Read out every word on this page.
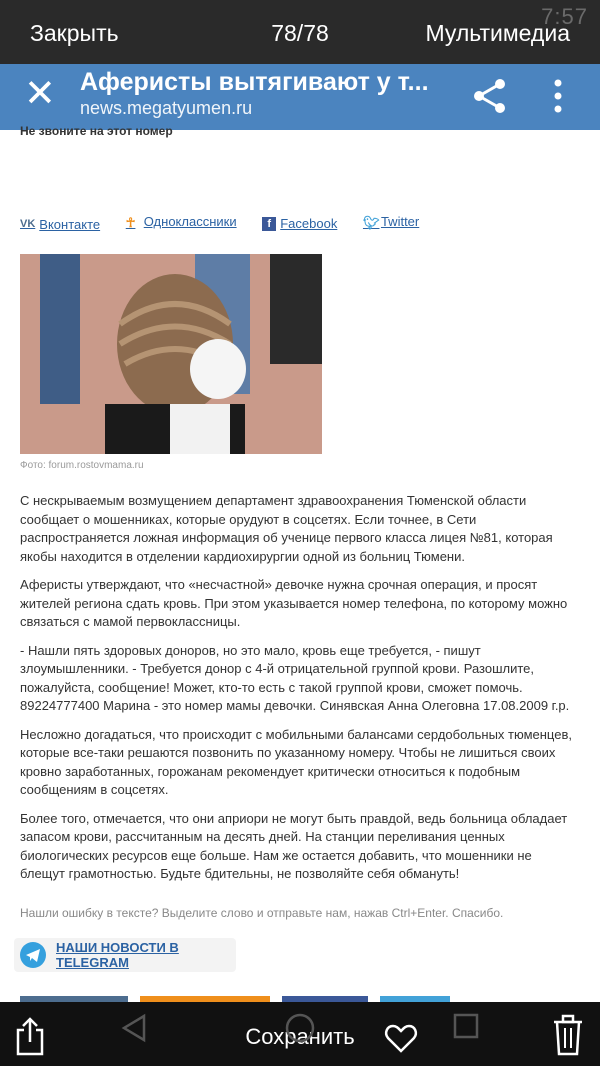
Закрыть	78/78
7:57
Мультимедиа
✕ Аферисты вытягивают у т...
news.megatyumen.ru
Не звоните на этот номер
VK Вконтакте
☥ Одноклассники
	f Facebook
🐦︎ Twitter
Фото: forum.rostovmama.ru

С нескрываемым возмущением департамент здравоохранения Тюменской области сообщает о мошенниках, которые орудуют в соцсетях. Если точнее, в Сети распространяется ложная информация об ученице первого класса лицея №81, которая якобы находится в отделении кардиохирургии одной из больниц Тюмени.

Аферисты утверждают, что «несчастной» девочке нужна срочная операция, и просят жителей региона сдать кровь. При этом указывается номер телефона, по которому можно связаться с мамой первоклассницы.

- Нашли пять здоровых доноров, но это мало, кровь еще требуется, - пишут злоумышленники. - Требуется донор с 4-й отрицательной группой крови. Разошлите, пожалуйста, сообщение! Может, кто-то есть с такой группой крови, сможет помочь. 89224777400 Марина - это номер мамы девочки. Синявская Анна Олеговна 17.08.2009 г.р.

Несложно догадаться, что происходит с мобильными балансами сердобольных тюменцев, которые все-таки решаются позвонить по указанному номеру. Чтобы не лишиться своих кровно заработанных, горожанам рекомендует критически относиться к подобным сообщениям в соцсетях.

Более того, отмечается, что они априори не могут быть правдой, ведь больница обладает запасом крови, рассчитанным на десять дней. На станции переливания ценных биологических ресурсов еще больше. Нам же остается добавить, что мошенники не блещут грамотностью. Будьте бдительны, не позволяйте себя обмануть!

Нашли ошибку в тексте? Выделите слово и отправьте нам, нажав Ctrl+Enter. Спасибо.
НАШИ НОВОСТИ В TELEGRAM
Сохранить
